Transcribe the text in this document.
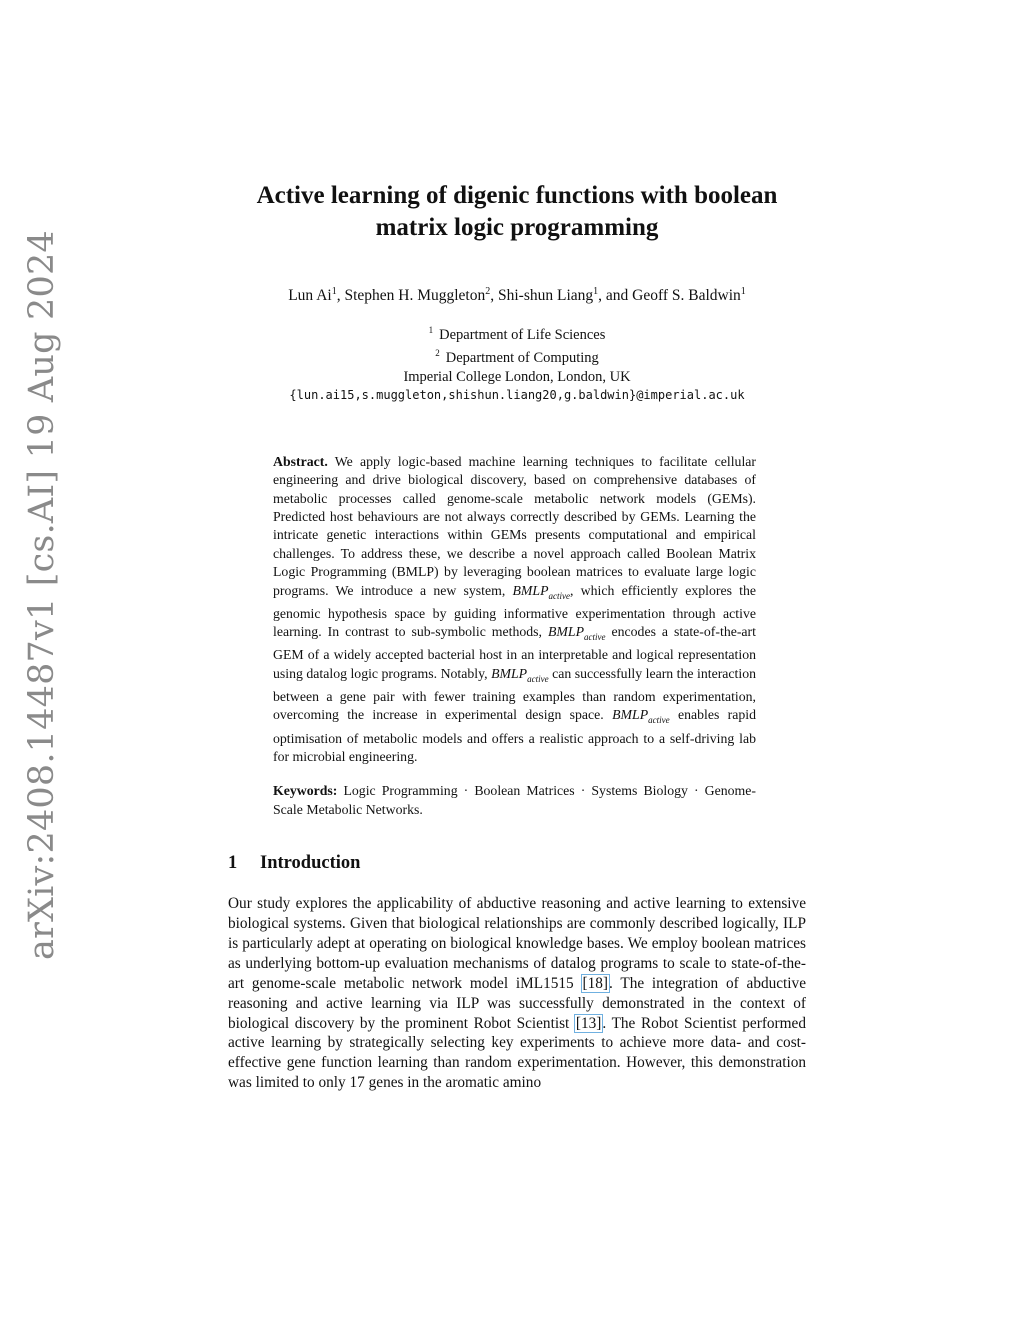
arXiv:2408.14487v1 [cs.AI] 19 Aug 2024
Active learning of digenic functions with boolean matrix logic programming
Lun Ai$^1$, Stephen H. Muggleton$^2$, Shi-shun Liang$^1$, and Geoff S. Baldwin$^1$
$^1$ Department of Life Sciences
$^2$ Department of Computing
Imperial College London, London, UK
{lun.ai15,s.muggleton,shishun.liang20,g.baldwin}@imperial.ac.uk
Abstract. We apply logic-based machine learning techniques to facilitate cellular engineering and drive biological discovery, based on comprehensive databases of metabolic processes called genome-scale metabolic network models (GEMs). Predicted host behaviours are not always correctly described by GEMs. Learning the intricate genetic interactions within GEMs presents computational and empirical challenges. To address these, we describe a novel approach called Boolean Matrix Logic Programming (BMLP) by leveraging boolean matrices to evaluate large logic programs. We introduce a new system, $BMLP_{active}$, which efficiently explores the genomic hypothesis space by guiding informative experimentation through active learning. In contrast to sub-symbolic methods, $BMLP_{active}$ encodes a state-of-the-art GEM of a widely accepted bacterial host in an interpretable and logical representation using datalog logic programs. Notably, $BMLP_{active}$ can successfully learn the interaction between a gene pair with fewer training examples than random experimentation, overcoming the increase in experimental design space. $BMLP_{active}$ enables rapid optimisation of metabolic models and offers a realistic approach to a self-driving lab for microbial engineering.
Keywords: Logic Programming · Boolean Matrices · Systems Biology · Genome-Scale Metabolic Networks.
1 Introduction
Our study explores the applicability of abductive reasoning and active learning to extensive biological systems. Given that biological relationships are commonly described logically, ILP is particularly adept at operating on biological knowledge bases. We employ boolean matrices as underlying bottom-up evaluation mechanisms of datalog programs to scale to state-of-the-art genome-scale metabolic network model iML1515 [18]. The integration of abductive reasoning and active learning via ILP was successfully demonstrated in the context of biological discovery by the prominent Robot Scientist [13]. The Robot Scientist performed active learning by strategically selecting key experiments to achieve more data- and cost-effective gene function learning than random experimentation. However, this demonstration was limited to only 17 genes in the aromatic amino
